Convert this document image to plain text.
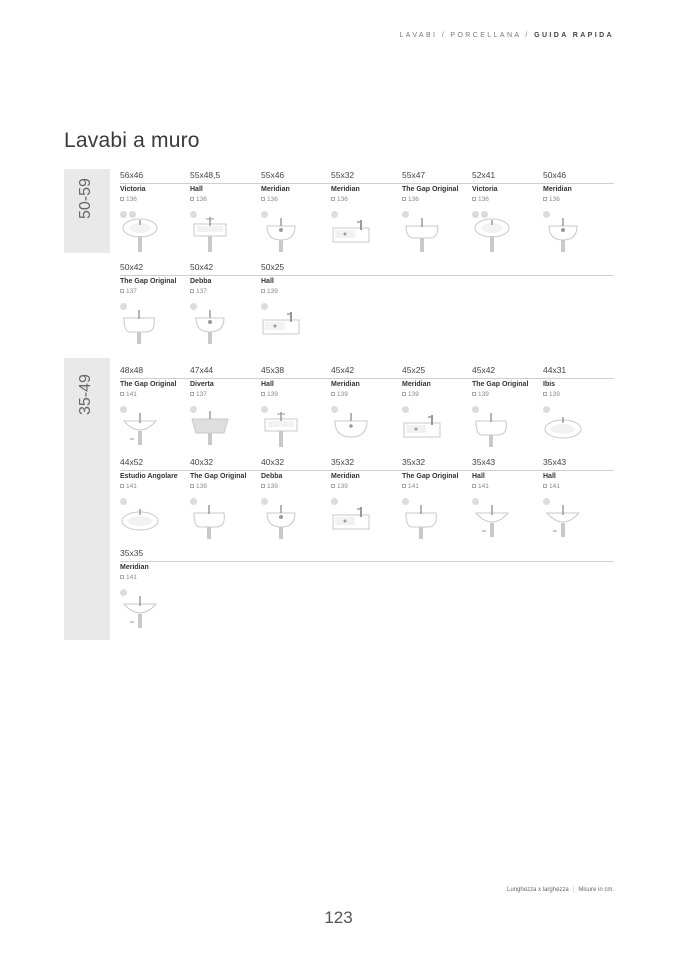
LAVABI / PORCELLANA / GUIDA RAPIDA
Lavabi a muro
50-59
56x46
Victoria
136
55x48,5
Hall
136
55x46
Meridian
136
55x32
Meridian
136
55x47
The Gap Original
136
52x41
Victoria
136
50x46
Meridian
136
50x42
The Gap Original
137
50x42
Debba
137
50x25
Hall
139
35-49
48x48
The Gap Original
141
47x44
Diverta
137
45x38
Hall
139
45x42
Meridian
139
45x25
Meridian
139
45x42
The Gap Original
139
44x31
Ibis
139
44x52
Estudio Angolare
141
40x32
The Gap Original
139
40x32
Debba
139
35x32
Meridian
139
35x32
The Gap Original
141
35x43
Hall
141
35x43
Hall
141
35x35
Meridian
141
Lunghezza x larghezza | Misure in cm.
123
